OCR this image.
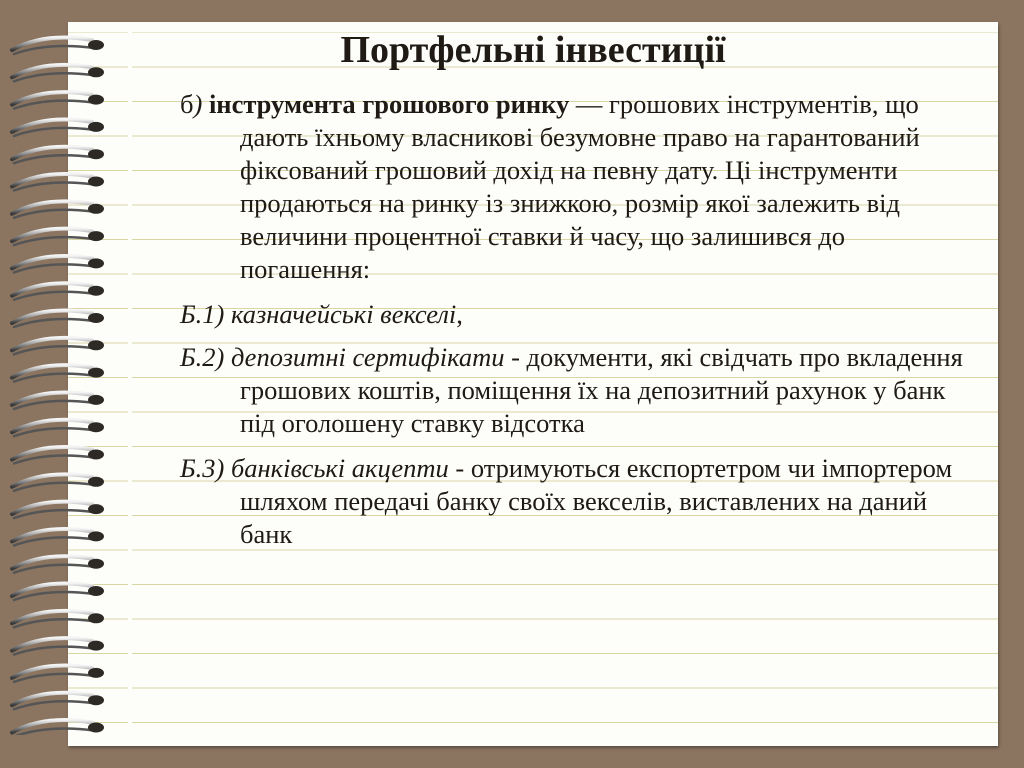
Портфельні інвестиції

б) інструмента грошового ринку — грошових інструментів, що дають їхньому власникові безумовне право на гарантований фіксований грошовий дохід на певну дату. Ці інструменти продаються на ринку із знижкою, розмір якої залежить від величини процентної ставки й часу, що залишився до погашення:

Б.1) казначейські векселі,

Б.2) депозитні сертифікати - документи, які свідчать про вкладення грошових коштів, поміщення їх на депозитний рахунок у банк під оголошену ставку відсотка

Б.3) банківські акцепти - отримуються експортетром чи імпортером шляхом передачі банку своїх векселів, виставлених на даний банк
